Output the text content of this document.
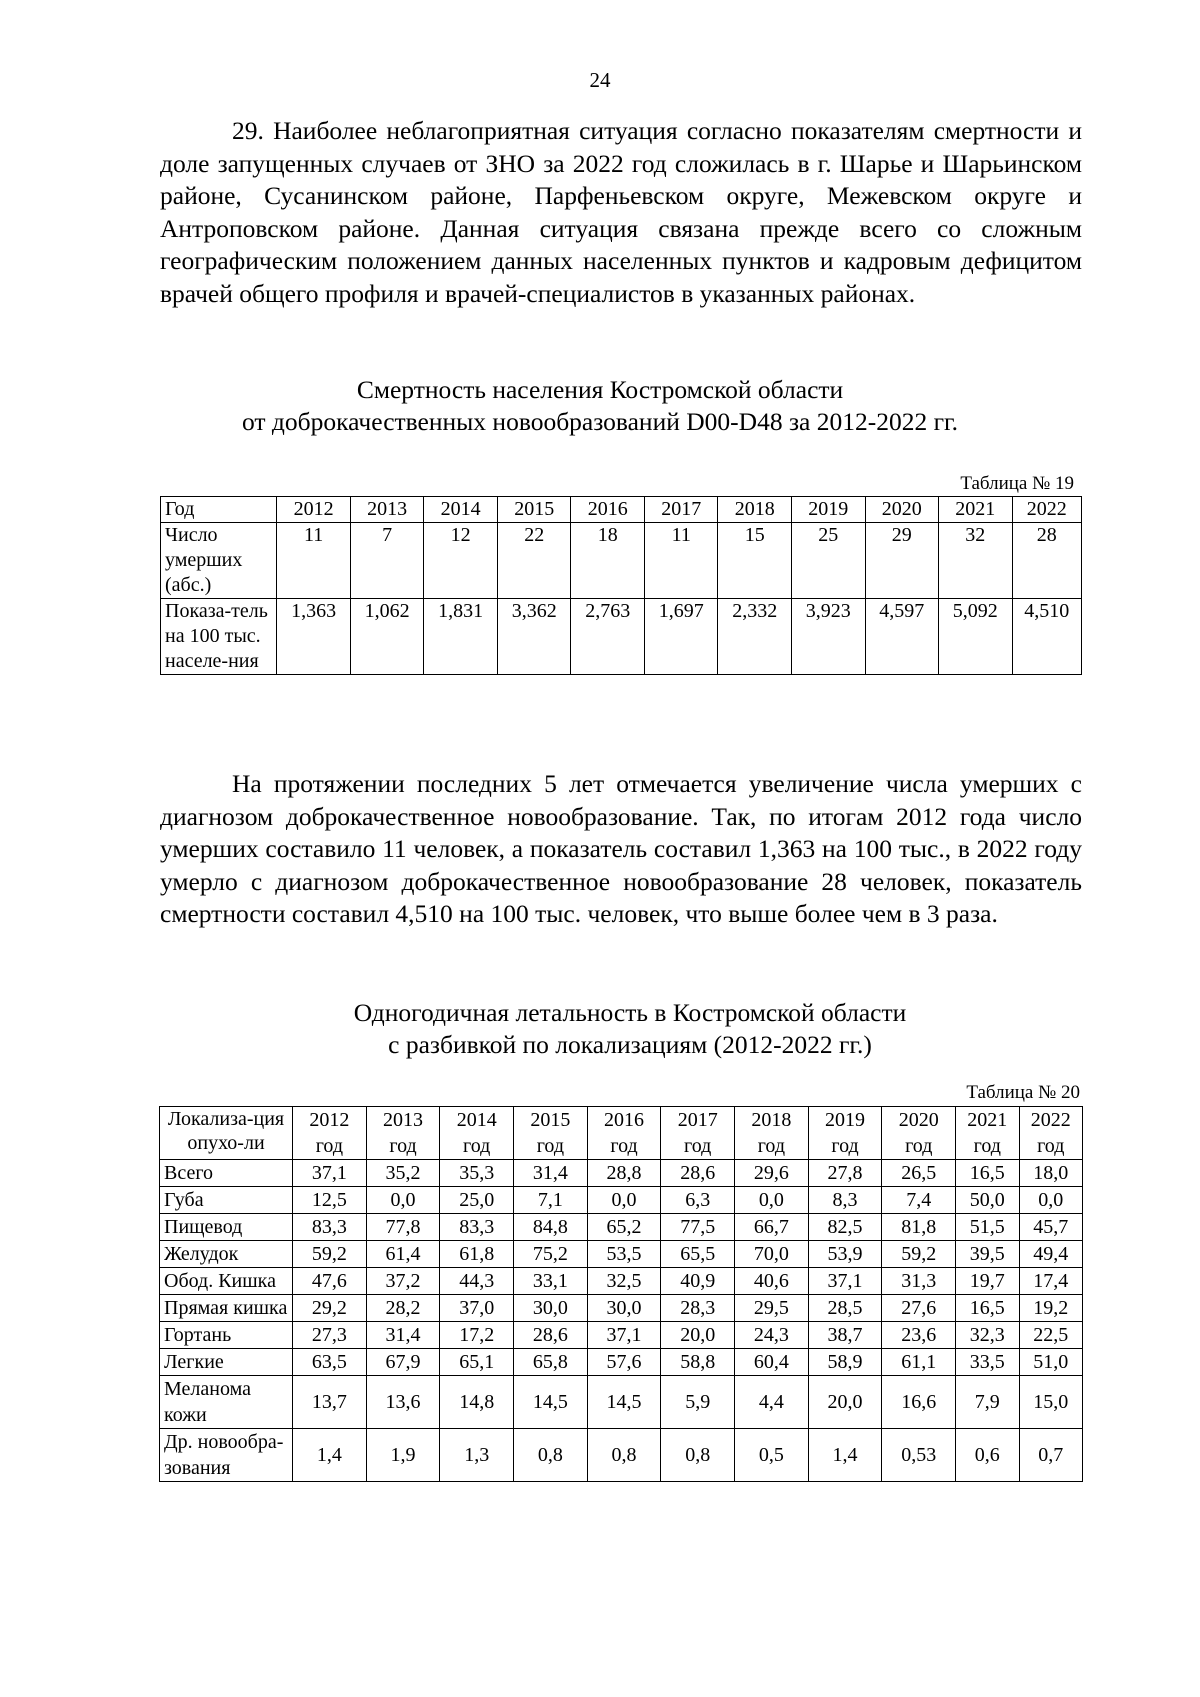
24

29. Наиболее неблагоприятная ситуация согласно показателям смертности и доле запущенных случаев от ЗНО за 2022 год сложилась в г. Шарье и Шарьинском районе, Сусанинском районе, Парфеньевском округе, Межевском округе и Антроповском районе. Данная ситуация связана прежде всего со сложным географическим положением данных населенных пунктов и кадровым дефицитом врачей общего профиля и врачей-специалистов в указанных районах.

Смертность населения Костромской области
от доброкачественных новообразований D00-D48 за 2012-2022 гг.

Таблица № 19
Год	2012	2013	2014	2015	2016	2017	2018	2019	2020	2021	2022
Число умерших (абс.)	11	7	12	22	18	11	15	25	29	32	28
Показа-тель на 100 тыс. населе-ния	1,363	1,062	1,831	3,362	2,763	1,697	2,332	3,923	4,597	5,092	4,510

На протяжении последних 5 лет отмечается увеличение числа умерших с диагнозом доброкачественное новообразование. Так, по итогам 2012 года число умерших составило 11 человек, а показатель составил 1,363 на 100 тыс., в 2022 году умерло с диагнозом доброкачественное новообразование 28 человек, показатель смертности составил 4,510 на 100 тыс. человек, что выше более чем в 3 раза.

Одногодичная летальность в Костромской области
с разбивкой по локализациям (2012-2022 гг.)

Таблица № 20
Локализа-ция опухо-ли	2012 год	2013 год	2014 год	2015 год	2016 год	2017 год	2018 год	2019 год	2020 год	2021 год	2022 год
Всего	37,1	35,2	35,3	31,4	28,8	28,6	29,6	27,8	26,5	16,5	18,0
Губа	12,5	0,0	25,0	7,1	0,0	6,3	0,0	8,3	7,4	50,0	0,0
Пищевод	83,3	77,8	83,3	84,8	65,2	77,5	66,7	82,5	81,8	51,5	45,7
Желудок	59,2	61,4	61,8	75,2	53,5	65,5	70,0	53,9	59,2	39,5	49,4
Обод. Кишка	47,6	37,2	44,3	33,1	32,5	40,9	40,6	37,1	31,3	19,7	17,4
Прямая кишка	29,2	28,2	37,0	30,0	30,0	28,3	29,5	28,5	27,6	16,5	19,2
Гортань	27,3	31,4	17,2	28,6	37,1	20,0	24,3	38,7	23,6	32,3	22,5
Легкие	63,5	67,9	65,1	65,8	57,6	58,8	60,4	58,9	61,1	33,5	51,0
Меланома кожи	13,7	13,6	14,8	14,5	14,5	5,9	4,4	20,0	16,6	7,9	15,0
Др. новообра-зования	1,4	1,9	1,3	0,8	0,8	0,8	0,5	1,4	0,53	0,6	0,7
